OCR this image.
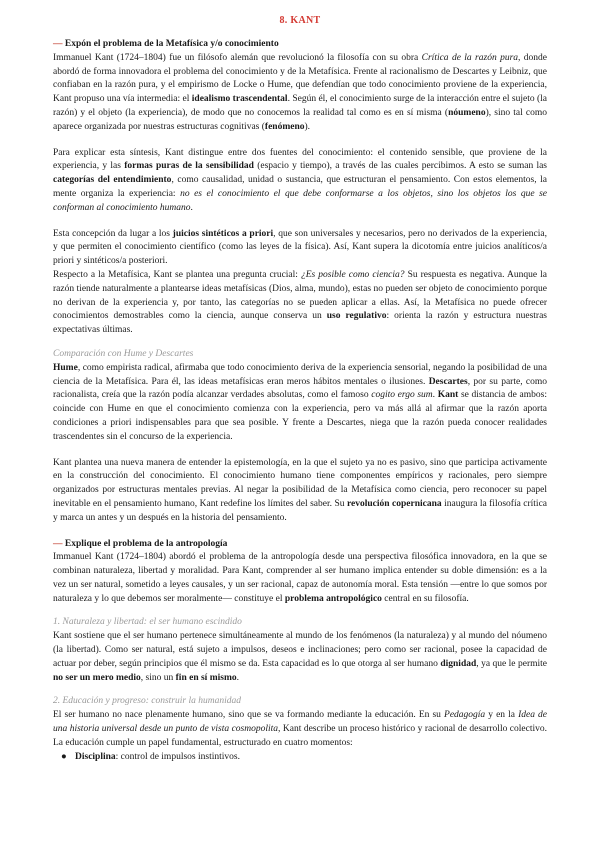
8. KANT
— Expón el problema de la Metafísica y/o conocimiento

Immanuel Kant (1724–1804) fue un filósofo alemán que revolucionó la filosofía con su obra Crítica de la razón pura, donde abordó de forma innovadora el problema del conocimiento y de la Metafísica. Frente al racionalismo de Descartes y Leibniz, que confiaban en la razón pura, y el empirismo de Locke o Hume, que defendían que todo conocimiento proviene de la experiencia, Kant propuso una vía intermedia: el idealismo trascendental. Según él, el conocimiento surge de la interacción entre el sujeto (la razón) y el objeto (la experiencia), de modo que no conocemos la realidad tal como es en sí misma (nóumeno), sino tal como aparece organizada por nuestras estructuras cognitivas (fenómeno).

Para explicar esta síntesis, Kant distingue entre dos fuentes del conocimiento: el contenido sensible, que proviene de la experiencia, y las formas puras de la sensibilidad (espacio y tiempo), a través de las cuales percibimos. A esto se suman las categorías del entendimiento, como causalidad, unidad o sustancia, que estructuran el pensamiento. Con estos elementos, la mente organiza la experiencia: no es el conocimiento el que debe conformarse a los objetos, sino los objetos los que se conforman al conocimiento humano.

Esta concepción da lugar a los juicios sintéticos a priori, que son universales y necesarios, pero no derivados de la experiencia, y que permiten el conocimiento científico (como las leyes de la física). Así, Kant supera la dicotomía entre juicios analíticos/a priori y sintéticos/a posteriori.

Respecto a la Metafísica, Kant se plantea una pregunta crucial: ¿Es posible como ciencia? Su respuesta es negativa. Aunque la razón tiende naturalmente a plantearse ideas metafísicas (Dios, alma, mundo), estas no pueden ser objeto de conocimiento porque no derivan de la experiencia y, por tanto, las categorías no se pueden aplicar a ellas. Así, la Metafísica no puede ofrecer conocimientos demostrables como la ciencia, aunque conserva un uso regulativo: orienta la razón y estructura nuestras expectativas últimas.

Comparación con Hume y Descartes

Hume, como empirista radical, afirmaba que todo conocimiento deriva de la experiencia sensorial, negando la posibilidad de una ciencia de la Metafísica. Para él, las ideas metafísicas eran meros hábitos mentales o ilusiones. Descartes, por su parte, como racionalista, creía que la razón podía alcanzar verdades absolutas, como el famoso cogito ergo sum. Kant se distancia de ambos: coincide con Hume en que el conocimiento comienza con la experiencia, pero va más allá al afirmar que la razón aporta condiciones a priori indispensables para que sea posible. Y frente a Descartes, niega que la razón pueda conocer realidades trascendentes sin el concurso de la experiencia.

Kant plantea una nueva manera de entender la epistemología, en la que el sujeto ya no es pasivo, sino que participa activamente en la construcción del conocimiento. El conocimiento humano tiene componentes empíricos y racionales, pero siempre organizados por estructuras mentales previas. Al negar la posibilidad de la Metafísica como ciencia, pero reconocer su papel inevitable en el pensamiento humano, Kant redefine los límites del saber. Su revolución copernicana inaugura la filosofía crítica y marca un antes y un después en la historia del pensamiento.

— Explique el problema de la antropología

Immanuel Kant (1724–1804) abordó el problema de la antropología desde una perspectiva filosófica innovadora, en la que se combinan naturaleza, libertad y moralidad. Para Kant, comprender al ser humano implica entender su doble dimensión: es a la vez un ser natural, sometido a leyes causales, y un ser racional, capaz de autonomía moral. Esta tensión —entre lo que somos por naturaleza y lo que debemos ser moralmente— constituye el problema antropológico central en su filosofía.

1. Naturaleza y libertad: el ser humano escindido

Kant sostiene que el ser humano pertenece simultáneamente al mundo de los fenómenos (la naturaleza) y al mundo del nóumeno (la libertad). Como ser natural, está sujeto a impulsos, deseos e inclinaciones; pero como ser racional, posee la capacidad de actuar por deber, según principios que él mismo se da. Esta capacidad es lo que otorga al ser humano dignidad, ya que le permite no ser un mero medio, sino un fin en sí mismo.

2. Educación y progreso: construir la humanidad

El ser humano no nace plenamente humano, sino que se va formando mediante la educación. En su Pedagogía y en la Idea de una historia universal desde un punto de vista cosmopolita, Kant describe un proceso histórico y racional de desarrollo colectivo. La educación cumple un papel fundamental, estructurado en cuatro momentos:

● Disciplina: control de impulsos instintivos.
